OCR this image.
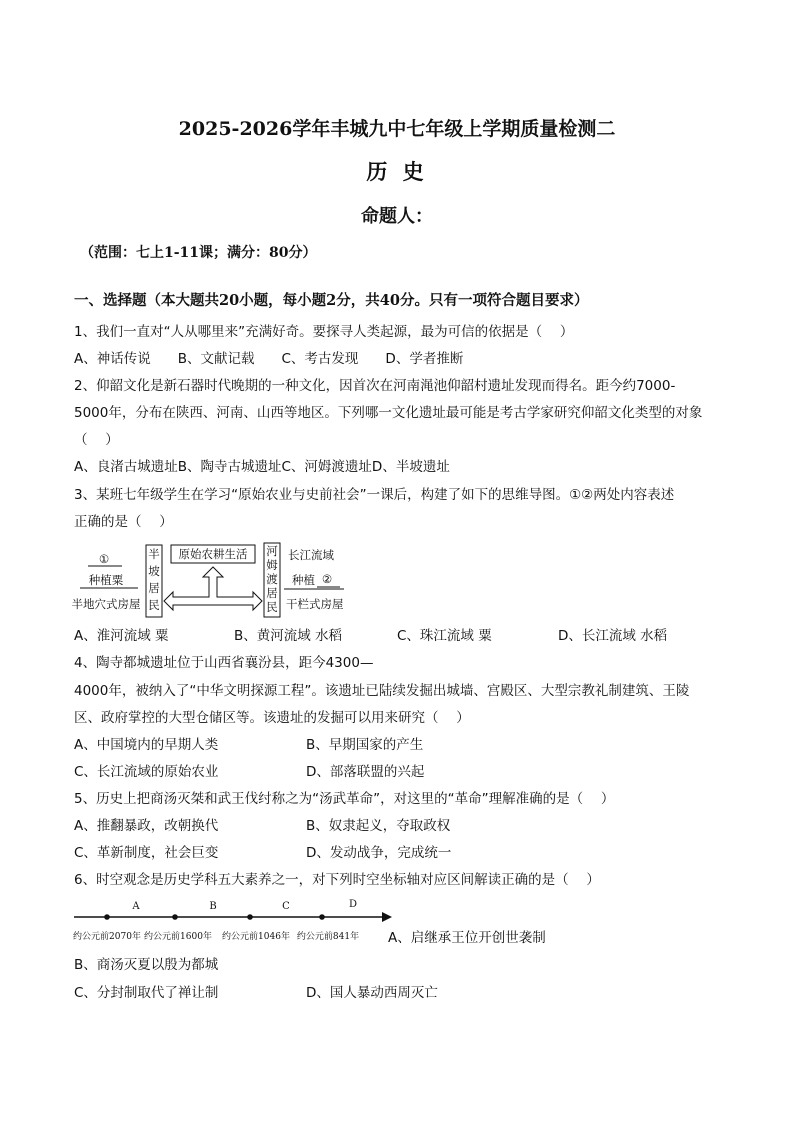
2025-2026学年丰城九中七年级上学期质量检测二
历 史
命题人：
（范围：七上1-11课；满分：80分）
一、选择题（本大题共20小题，每小题2分，共40分。只有一项符合题目要求）
1、我们一直对“人从哪里来”充满好奇。要探寻人类起源，最为可信的依据是（　 ）
A、神话传说　　B、文献记载　　C、考古发现　　D、学者推断
2、仰韶文化是新石器时代晚期的一种文化，因首次在河南渑池仰韶村遗址发现而得名。距今约7000-
5000年，分布在陕西、河南、山西等地区。下列哪一文化遗址最可能是考古学家研究仰韶文化类型的对象
（　 ）
A、良渚古城遗址B、陶寺古城遗址C、河姆渡遗址D、半坡遗址
3、某班七年级学生在学习“原始农业与史前社会”一课后，构建了如下的思维导图。①②两处内容表述
正确的是（　 ）
①
种植粟
半地穴式房屋
半
坡
居
民
原始农耕生活 河
姆
渡
居
民
长江流域
种植 ②
干栏式房屋
A、淮河流域 粟	B、黄河流域 水稻	C、珠江流域 粟	D、长江流域 水稻
4、陶寺都城遗址位于山西省襄汾县，距今4300—
4000年，被纳入了“中华文明探源工程”。该遗址已陆续发掘出城墙、宫殿区、大型宗教礼制建筑、王陵
区、政府掌控的大型仓储区等。该遗址的发掘可以用来研究（　 ）
A、中国境内的早期人类	B、早期国家的产生
C、长江流域的原始农业	D、部落联盟的兴起
5、历史上把商汤灭桀和武王伐纣称之为“汤武革命”，对这里的“革命”理解准确的是（　 ）
A、推翻暴政，改朝换代	B、奴隶起义，夺取政权
C、革新制度，社会巨变	D、发动战争，完成统一
6、时空观念是历史学科五大素养之一，对下列时空坐标轴对应区间解读正确的是（　 ）
A	B	C	D
约公元前2070年 约公元前1600年 约公元前1046年 约公元前841年 A、启继承王位开创世袭制
B、商汤灭夏以殷为都城
C、分封制取代了禅让制	D、国人暴动西周灭亡
